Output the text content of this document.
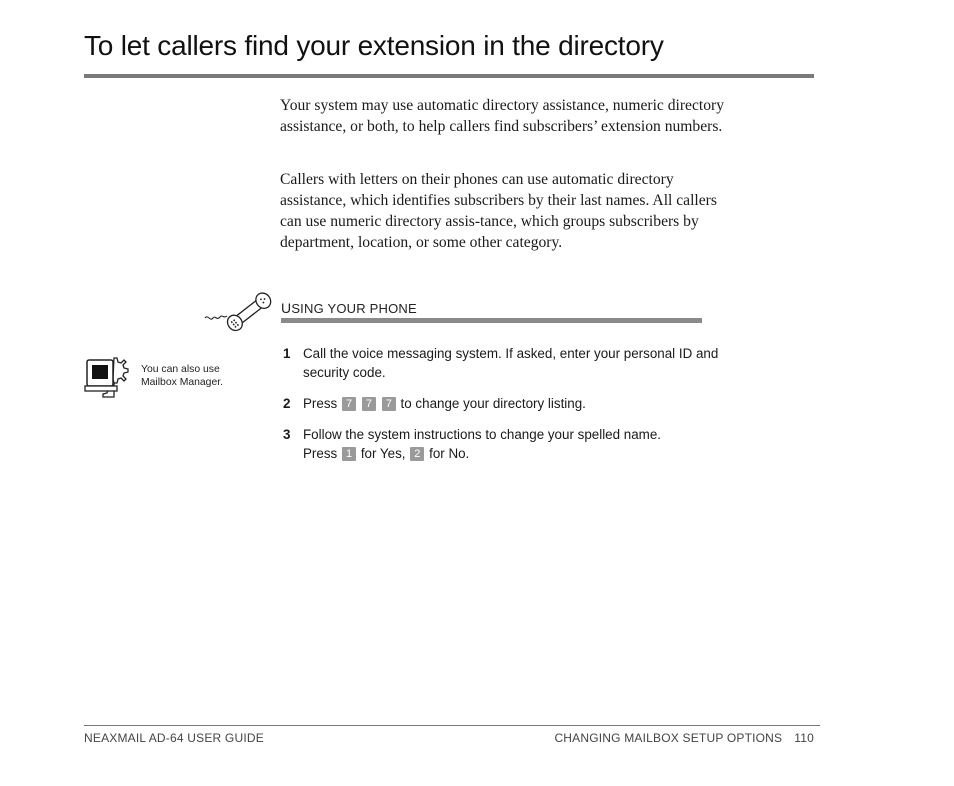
To let callers find your extension in the directory

Your system may use automatic directory assistance, numeric directory assistance, or both, to help callers find subscribers’ extension numbers.

Callers with letters on their phones can use automatic directory assistance, which identifies subscribers by their last names. All callers can use numeric directory assis-tance, which groups subscribers by department, location, or some other category.

USING YOUR PHONE
You can also use
Mailbox Manager.
1 Call the voice messaging system. If asked, enter your personal ID and security code.
2 Press 7 7 7 to change your directory listing.
3 Follow the system instructions to change your spelled name.
Press 1 for Yes, 2 for No.
NEAXMAIL AD-64 USER GUIDE	CHANGING MAILBOX SETUP OPTIONS 110
